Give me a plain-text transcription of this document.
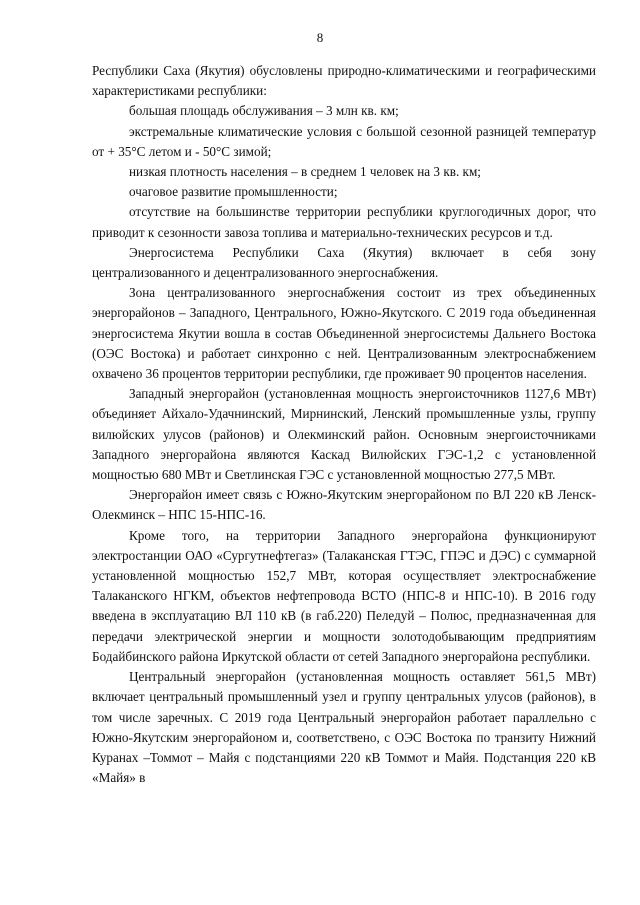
8

Республики Саха (Якутия) обусловлены природно-климатическими и географическими характеристиками республики:

большая площадь обслуживания – 3 млн кв. км;

экстремальные климатические условия с большой сезонной разницей температур от + 35°С летом и - 50°С зимой;

низкая плотность населения – в среднем 1 человек на 3 кв. км;

очаговое развитие промышленности;

отсутствие на большинстве территории республики круглогодичных дорог, что приводит к сезонности завоза топлива и материально-технических ресурсов и т.д.

Энергосистема Республики Саха (Якутия) включает в себя зону централизованного и децентрализованного энергоснабжения.

Зона централизованного энергоснабжения состоит из трех объединенных энергорайонов – Западного, Центрального, Южно-Якутского. С 2019 года объединенная энергосистема Якутии вошла в состав Объединенной энергосистемы Дальнего Востока (ОЭС Востока) и работает синхронно с ней. Централизованным электроснабжением охвачено 36 процентов территории республики, где проживает 90 процентов населения.

Западный энергорайон (установленная мощность энергоисточников 1127,6 МВт) объединяет Айхало-Удачнинский, Мирнинский, Ленский промышленные узлы, группу вилюйских улусов (районов) и Олекминский район. Основным энергоисточниками Западного энергорайона являются Каскад Вилюйских ГЭС-1,2 с установленной мощностью 680 МВт и Светлинская ГЭС с установленной мощностью 277,5 МВт.

Энергорайон имеет связь с Южно-Якутским энергорайоном по ВЛ 220 кВ Ленск-Олекминск – НПС 15-НПС-16.

Кроме того, на территории Западного энергорайона функционируют электростанции ОАО «Сургутнефтегаз» (Талаканская ГТЭС, ГПЭС и ДЭС) с суммарной установленной мощностью 152,7 МВт, которая осуществляет электроснабжение Талаканского НГКМ, объектов нефтепровода ВСТО (НПС-8 и НПС-10). В 2016 году введена в эксплуатацию ВЛ 110 кВ (в габ.220) Пеледуй – Полюс, предназначенная для передачи электрической энергии и мощности золотодобывающим предприятиям Бодайбинского района Иркутской области от сетей Западного энергорайона республики.

Центральный энергорайон (установленная мощность оставляет 561,5 МВт) включает центральный промышленный узел и группу центральных улусов (районов), в том числе заречных. С 2019 года Центральный энергорайон работает параллельно с Южно-Якутским энергорайоном и, соответствено, с ОЭС Востока по транзиту Нижний Куранах –Томмот – Майя с подстанциями 220 кВ Томмот и Майя. Подстанция 220 кВ «Майя» в
